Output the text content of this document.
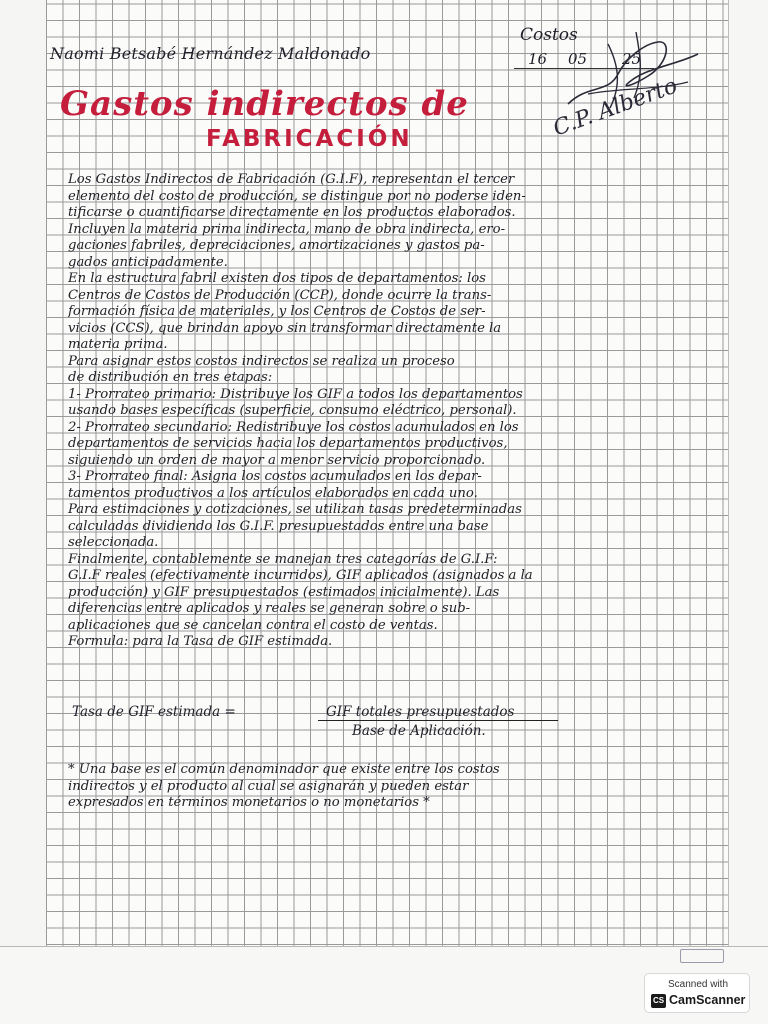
Naomi Betsabé Hernández Maldonado
Costos
16 05 25
Gastos indirectos de
FABRICACIÓN	C.P. Alberto
Los Gastos Indirectos de Fabricación (G.I.F), representan el tercer
elemento del costo de producción, se distingue por no poderse iden-
tificarse o cuantificarse directamente en los productos elaborados.
Incluyen la materia prima indirecta, mano de obra indirecta, ero-
gaciones fabriles, depreciaciones, amortizaciones y gastos pa-
gados anticipadamente.
En la estructura fabril existen dos tipos de departamentos: los
Centros de Costos de Producción (CCP), donde ocurre la trans-
formación física de materiales, y los Centros de Costos de ser-
vicios (CCS), que brindan apoyo sin transformar directamente la
materia prima.
Para asignar estos costos indirectos se realiza un proceso
de distribución en tres etapas:
1- Prorrateo primario: Distribuye los GIF a todos los departamentos
usando bases específicas (superficie, consumo eléctrico, personal).
2- Prorrateo secundario: Redistribuye los costos acumulados en los
departamentos de servicios hacia los departamentos productivos,
siguiendo un orden de mayor a menor servicio proporcionado.
3- Prorrateo final: Asigna los costos acumulados en los depar-
tamentos productivos a los artículos elaborados en cada uno.
Para estimaciones y cotizaciones, se utilizan tasas predeterminadas
calculadas dividiendo los G.I.F. presupuestados entre una base
seleccionada.
Finalmente, contablemente se manejan tres categorías de G.I.F:
G.I.F reales (efectivamente incurridos), GIF aplicados (asignados a la
producción) y GIF presupuestados (estimados inicialmente). Las
diferencias entre aplicados y reales se generan sobre o sub-
aplicaciones que se cancelan contra el costo de ventas.
Formula: para la Tasa de GIF estimada.
Tasa de GIF estimada =	GIF totales presupuestados
Base de Aplicación.
* Una base es el común denominador que existe entre los costos
indirectos y el producto al cual se asignarán y pueden estar
expresados en términos monetarios o no monetarios *
Scanned with
CS CamScanner
